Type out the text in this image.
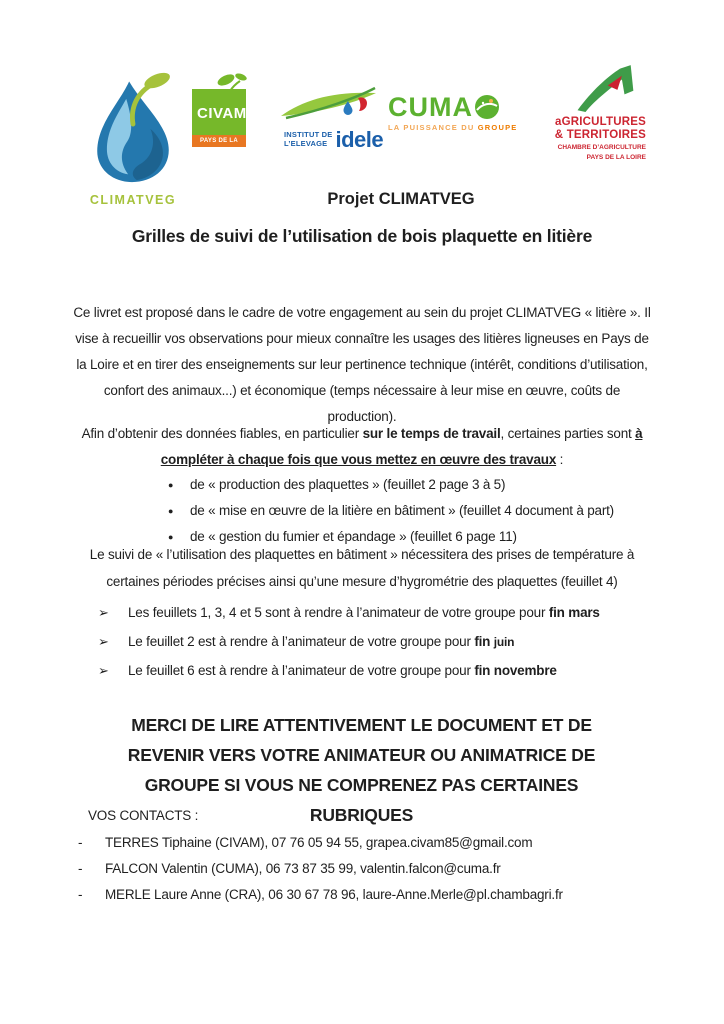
CLIMATVEG
CIVAM
PAYS DE LA LOIRE
INSTITUT DE
L’ELEVAGE idele
CUMA
LA PUISSANCE DU GROUPE	aGRICULTURES
& TERRITOIRES
CHAMBRE D’AGRICULTURE
PAYS DE LA LOIRE
Projet CLIMATVEG
Grilles de suivi de l’utilisation de bois plaquette en litière

Ce livret est proposé dans le cadre de votre engagement au sein du projet CLIMATVEG « litière ». Il vise à recueillir vos observations pour mieux connaître les usages des litières ligneuses en Pays de la Loire et en tirer des enseignements sur leur pertinence technique (intérêt, conditions d’utilisation, confort des animaux...) et économique (temps nécessaire à leur mise en œuvre, coûts de production).

Afin d’obtenir des données fiables, en particulier sur le temps de travail, certaines parties sont à compléter à chaque fois que vous mettez en œuvre des travaux :

● de « production des plaquettes » (feuillet 2 page 3 à 5)
● de « mise en œuvre de la litière en bâtiment » (feuillet 4 document à part)
● de « gestion du fumier et épandage » (feuillet 6 page 11)

Le suivi de « l’utilisation des plaquettes en bâtiment » nécessitera des prises de température à certaines périodes précises ainsi qu’une mesure d’hygrométrie des plaquettes (feuillet 4)

➢ Les feuillets 1, 3, 4 et 5 sont à rendre à l’animateur de votre groupe pour fin mars
➢ Le feuillet 2 est à rendre à l’animateur de votre groupe pour fin juin
➢ Le feuillet 6 est à rendre à l’animateur de votre groupe pour fin novembre
MERCI DE LIRE ATTENTIVEMENT LE DOCUMENT ET DE REVENIR VERS VOTRE ANIMATEUR OU ANIMATRICE DE GROUPE SI VOUS NE COMPRENEZ PAS CERTAINES RUBRIQUES
VOS CONTACTS :
- TERRES Tiphaine (CIVAM), 07 76 05 94 55, grapea.civam85@gmail.com
- FALCON Valentin (CUMA), 06 73 87 35 99, valentin.falcon@cuma.fr
- MERLE Laure Anne (CRA), 06 30 67 78 96, laure-Anne.Merle@pl.chambagri.fr
